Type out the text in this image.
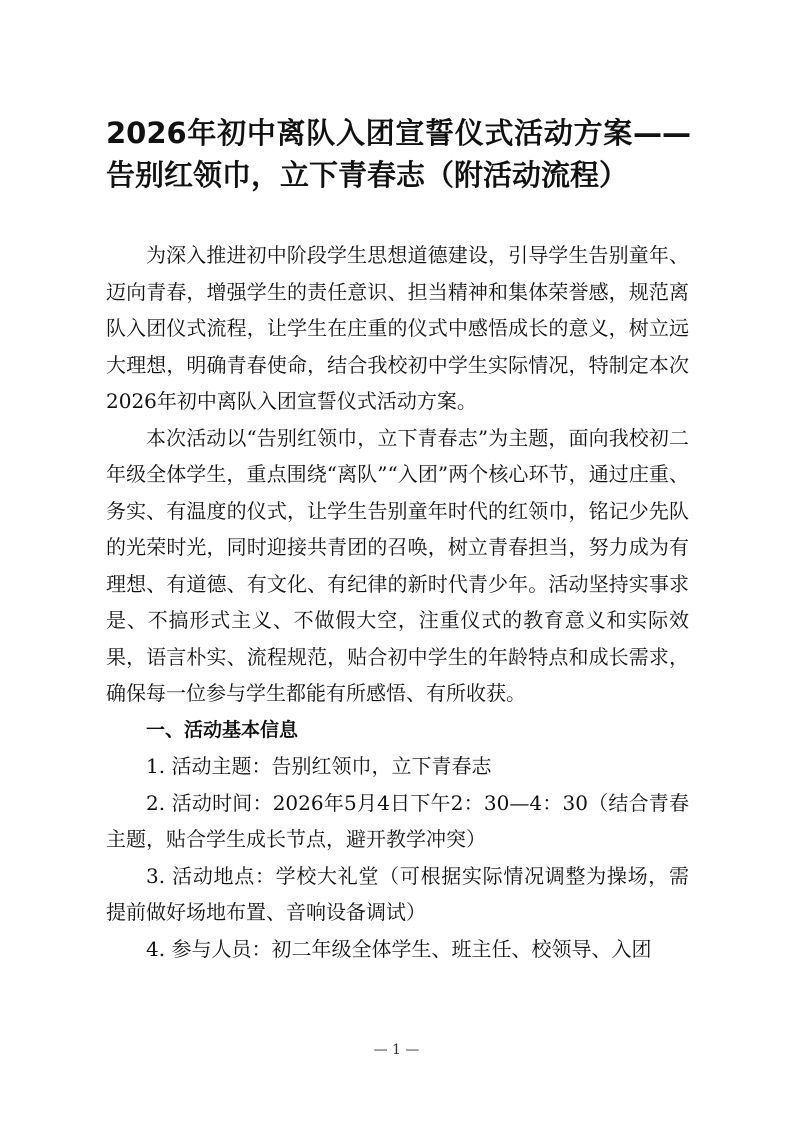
2026年初中离队入团宣誓仪式活动方案——告别红领巾，立下青春志（附活动流程）

为深入推进初中阶段学生思想道德建设，引导学生告别童年、迈向青春，增强学生的责任意识、担当精神和集体荣誉感，规范离队入团仪式流程，让学生在庄重的仪式中感悟成长的意义，树立远大理想，明确青春使命，结合我校初中学生实际情况，特制定本次2026年初中离队入团宣誓仪式活动方案。

本次活动以“告别红领巾，立下青春志”为主题，面向我校初二年级全体学生，重点围绕“离队”“入团”两个核心环节，通过庄重、务实、有温度的仪式，让学生告别童年时代的红领巾，铭记少先队的光荣时光，同时迎接共青团的召唤，树立青春担当，努力成为有理想、有道德、有文化、有纪律的新时代青少年。活动坚持实事求是、不搞形式主义、不做假大空，注重仪式的教育意义和实际效果，语言朴实、流程规范，贴合初中学生的年龄特点和成长需求，确保每一位参与学生都能有所感悟、有所收获。

一、活动基本信息

1. 活动主题：告别红领巾，立下青春志

2. 活动时间：2026年5月4日下午2：30—4：30（结合青春主题，贴合学生成长节点，避开教学冲突）

3. 活动地点：学校大礼堂（可根据实际情况调整为操场，需提前做好场地布置、音响设备调试）

4. 参与人员：初二年级全体学生、班主任、校领导、入团

— 1 —
